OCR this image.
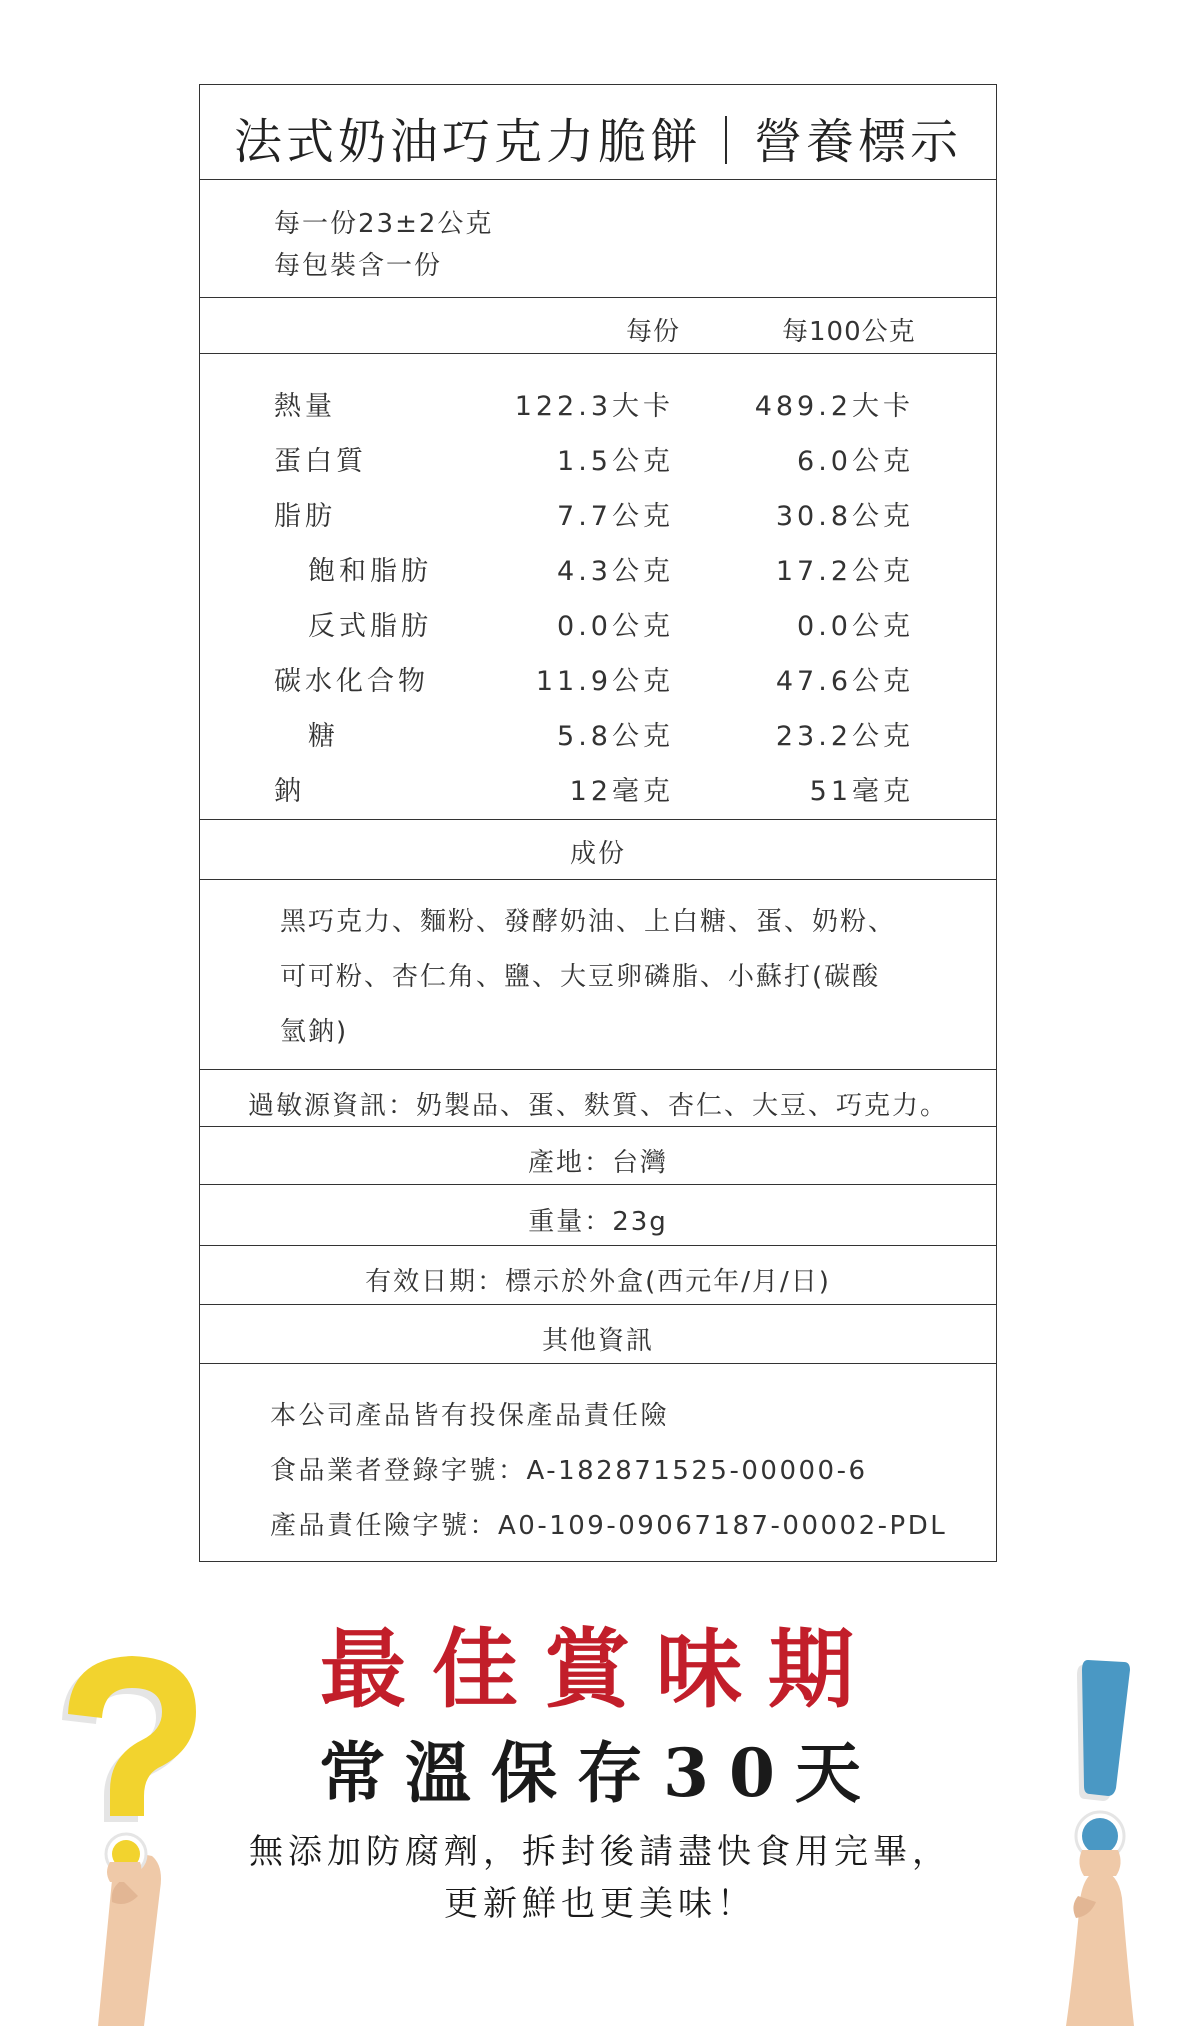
法式奶油巧克力脆餅｜營養標示
每一份23±2公克
每包裝含一份
每份	每100公克
熱量	122.3大卡	489.2大卡
蛋白質	1.5公克	6.0公克
脂肪	7.7公克	30.8公克
飽和脂肪	4.3公克	17.2公克
反式脂肪	0.0公克	0.0公克
碳水化合物	11.9公克	47.6公克
糖	5.8公克	23.2公克
鈉	12毫克	51毫克
成份
黑巧克力、麵粉、發酵奶油、上白糖、蛋、奶粉、
可可粉、杏仁角、鹽、大豆卵磷脂、小蘇打(碳酸
氫鈉)
過敏源資訊：奶製品、蛋、麩質、杏仁、大豆、巧克力。
產地：台灣
重量：23g
有效日期：標示於外盒(西元年/月/日)
其他資訊
本公司產品皆有投保產品責任險
食品業者登錄字號：A-182871525-00000-6
產品責任險字號：A0-109-09067187-00002-PDL
最佳賞味期
常溫保存30天
無添加防腐劑，拆封後請盡快食用完畢，
更新鮮也更美味！
